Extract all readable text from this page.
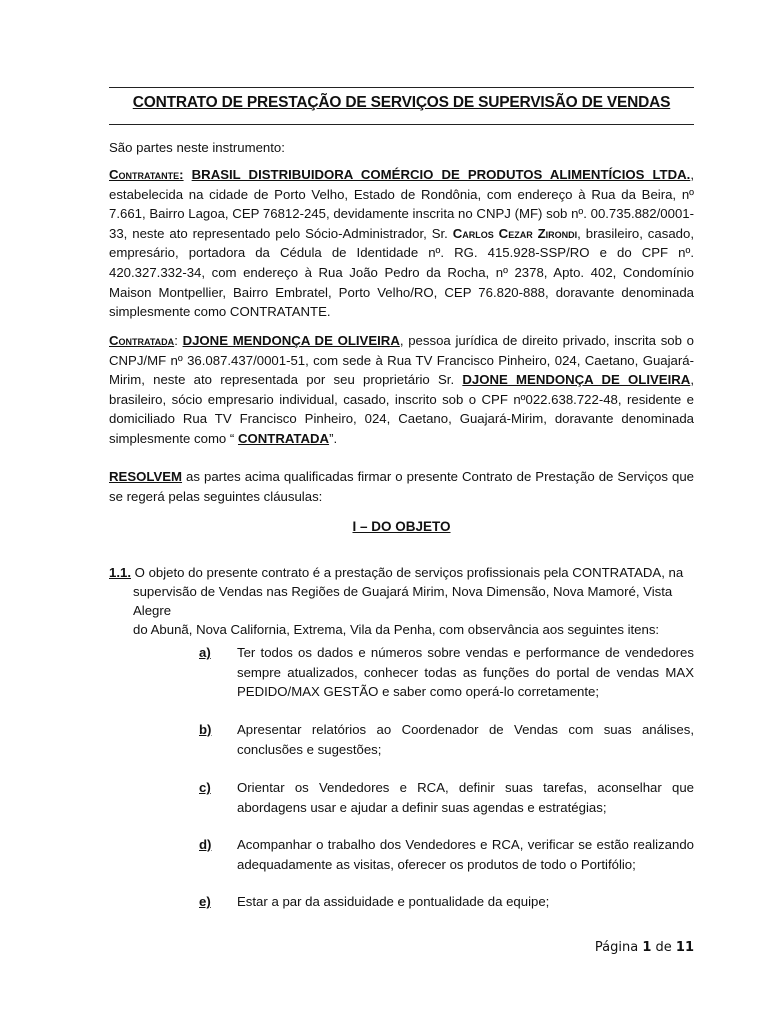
CONTRATO DE PRESTAÇÃO DE SERVIÇOS DE SUPERVISÃO DE VENDAS

São partes neste instrumento:

Contratante: BRASIL DISTRIBUIDORA COMÉRCIO DE PRODUTOS ALIMENTÍCIOS LTDA., estabelecida na cidade de Porto Velho, Estado de Rondônia, com endereço à Rua da Beira, nº 7.661, Bairro Lagoa, CEP 76812-245, devidamente inscrita no CNPJ (MF) sob nº. 00.735.882/0001-33, neste ato representado pelo Sócio-Administrador, Sr. Carlos Cezar Zirondi, brasileiro, casado, empresário, portadora da Cédula de Identidade nº. RG. 415.928-SSP/RO e do CPF nº. 420.327.332-34, com endereço à Rua João Pedro da Rocha, nº 2378, Apto. 402, Condomínio Maison Montpellier, Bairro Embratel, Porto Velho/RO, CEP 76.820-888, doravante denominada simplesmente como CONTRATANTE.

Contratada: DJONE MENDONÇA DE OLIVEIRA, pessoa jurídica de direito privado, inscrita sob o CNPJ/MF nº 36.087.437/0001-51, com sede à Rua TV Francisco Pinheiro, 024, Caetano, Guajará-Mirim, neste ato representada por seu proprietário Sr. DJONE MENDONÇA DE OLIVEIRA, brasileiro, sócio empresario individual, casado, inscrito sob o CPF nº022.638.722-48, residente e domiciliado Rua TV Francisco Pinheiro, 024, Caetano, Guajará-Mirim, doravante denominada simplesmente como “ CONTRATADA”.

RESOLVEM as partes acima qualificadas firmar o presente Contrato de Prestação de Serviços que se regerá pelas seguintes cláusulas:

I – DO OBJETO
1.1. O objeto do presente contrato é a prestação de serviços profissionais pela CONTRATADA, na
supervisão de Vendas nas Regiões de Guajará Mirim, Nova Dimensão, Nova Mamoré, Vista Alegre
do Abunã, Nova California, Extrema, Vila da Penha, com observância aos seguintes itens:
a)	Ter todos os dados e números sobre vendas e performance de vendedores sempre atualizados, conhecer todas as funções do portal de vendas MAX PEDIDO/MAX GESTÃO e saber como operá-lo corretamente;
b)	Apresentar relatórios ao Coordenador de Vendas com suas análises, conclusões e sugestões;
c)	Orientar os Vendedores e RCA, definir suas tarefas, aconselhar que abordagens usar e ajudar a definir suas agendas e estratégias;
d)	Acompanhar o trabalho dos Vendedores e RCA, verificar se estão realizando adequadamente as visitas, oferecer os produtos de todo o Portifólio;
e)	Estar a par da assiduidade e pontualidade da equipe;
Página 1 de 11
